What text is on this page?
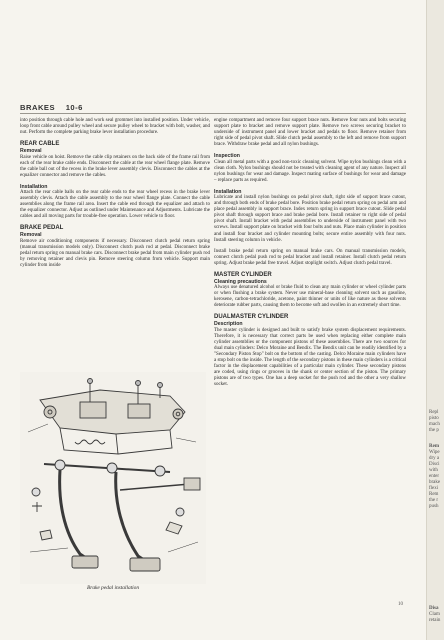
BRAKES 10-6

into position through cable hole and work seal grommet into installed position. Under vehicle, loop front cable around pulley wheel and secure pulley wheel to bracket with bolt, washer, and nut. Perform the complete parking brake lever installation procedure.

REAR CABLE
Removal

Raise vehicle on hoist. Remove the cable clip retainers on the back side of the frame rail from each of the rear brake cable ends. Disconnect the cable at the rear wheel flange plate. Remove the cable ball out of the recess in the brake lever assembly clevis. Disconnect the cables at the equalizer connector and remove the cables.

Installation

Attach the rear cable balls on the rear cable ends to the rear wheel recess in the brake lever assembly clevis. Attach the cable assembly to the rear wheel flange plate. Connect the cable assemblies along the frame rail area. Insert the cable end through the equalizer and attach to the equalizer connector. Adjust as outlined under Maintenance and Adjustments. Lubricate the cables and all moving parts for trouble-free operation. Lower vehicle to floor.

BRAKE PEDAL
Removal

Remove air conditioning components if necessary. Disconnect clutch pedal return spring (manual transmission models only). Disconnect clutch push rod at pedal. Disconnect brake pedal return spring on manual brake cars. Disconnect brake pedal from main cylinder push rod by removing retainer and clevis pin. Remove steering column from vehicle. Support main cylinder from inside

engine compartment and remove four support brace nuts. Remove four nuts and bolts securing support plate to bracket and remove support plate. Remove two screws securing bracket to underside of instrument panel and lower bracket and pedals to floor. Remove retainer from right side of pedal pivot shaft. Slide clutch pedal assembly to the left and remove from support brace. Withdraw brake pedal and all nylon bushings.

Inspection

Clean all metal parts with a good non-toxic cleaning solvent. Wipe nylon bushings clean with a clean cloth. Nylon bushings should not be treated with cleaning agent of any nature. Inspect all nylon bushings for wear and damage. Inspect mating surface of bushings for wear and damage – replace parts as required.

Installation

Lubricate and install nylon bushings on pedal pivot shaft, right side of support brace cutout, and through both ends of brake pedal bore. Position brake pedal return spring on pedal arm and place pedal assembly in support brace. Index return spring in support brace cutout. Slide pedal pivot shaft through support brace and brake pedal bore. Install retainer to right side of pedal pivot shaft. Install bracket with pedal assemblies to underside of instrument panel with two screws. Install support plate on bracket with four bolts and nuts. Place main cylinder in position and install four bracket and cylinder mounting bolts; secure entire assembly with four nuts. Install steering column in vehicle.

Install brake pedal return spring on manual brake cars. On manual transmission models, connect clutch pedal push rod to pedal bracket and install retainer. Install clutch pedal return spring. Adjust brake pedal free travel. Adjust stoplight switch. Adjust clutch pedal travel.

MASTER CYLINDER
Cleaning precautions

Always use denatured alcohol or brake fluid to clean any main cylinder or wheel cylinder parts or when flushing a brake system. Never use mineral-base cleaning solvent such as gasoline, kerosene, carbon-tetrachloride, acetone, paint thinner or units of like nature as these solvents deteriorate rubber parts, causing them to become soft and swollen in an extremely short time.

DUALMASTER CYLINDER
Description

The master cylinder is designed and built to satisfy brake system displacement requirements. Therefore, it is necessary that correct parts be used when replacing either complete main cylinder assemblies or the component pistons of these assemblies. There are two sources for dual main cylinders: Delco Moraine and Bendix. The Bendix unit can be readily identified by a "Secondary Piston Stop" bolt on the bottom of the casting. Delco Moraine main cylinders have a stop bolt on the inside. The length of the secondary pistons in these main cylinders is a critical factor in the displacement capabilities of a particular main cylinder. These secondary pistons are coded, using rings or grooves in the shank or center section of the piston. The primary pistons are of two types. One has a deep socket for the push rod and the other a very shallow socket.

Brake pedal installation
10
Repl
pisto
mach
the p
Rem
Wipe
dry a
Disci
with
enter
brake
flexi
Rem
the r
push
Disa
Clam
retain
